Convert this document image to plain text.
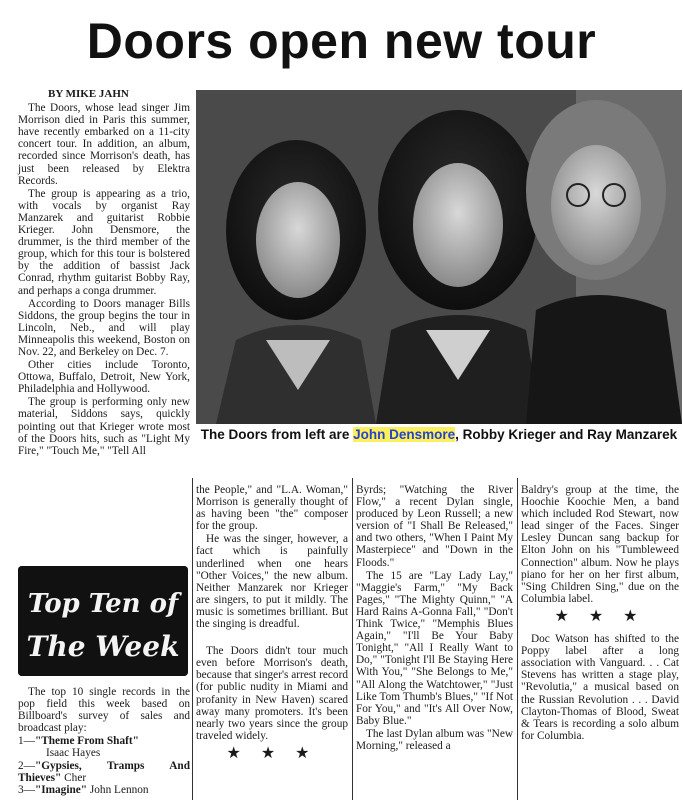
Doors open new tour
BY MIKE JAHN

The Doors, whose lead singer Jim Morrison died in Paris this summer, have recently embarked on a 11-city concert tour. In addition, an album, recorded since Morrison's death, has just been released by Elektra Records.

The group is appearing as a trio, with vocals by organist Ray Manzarek and guitarist Robbie Krieger. John Densmore, the drummer, is the third member of the group, which for this tour is bolstered by the addition of bassist Jack Conrad, rhythm guitarist Bobby Ray, and perhaps a conga drummer.

According to Doors manager Bills Siddons, the group begins the tour in Lincoln, Neb., and will play Minneapolis this weekend, Boston on Nov. 22, and Berkeley on Dec. 7.

Other cities include Toronto, Ottowa, Buffalo, Detroit, New York, Philadelphia and Hollywood.

The group is performing only new material, Siddons says, quickly pointing out that Krieger wrote most of the Doors hits, such as "Light My Fire," "Touch Me," "Tell All

The Doors from left are John Densmore, Robby Krieger and Ray Manzarek

the People," and "L.A. Woman," Morrison is generally thought of as having been "the" composer for the group.

He was the singer, however, a fact which is painfully underlined when one hears "Other Voices," the new album. Neither Manzarek nor Krieger are singers, to put it mildly. The music is sometimes brilliant. But the singing is dreadful.

The Doors didn't tour much even before Morrison's death, because that singer's arrest record (for public nudity in Miami and profanity in New Haven) scared away many promoters. It's been nearly two years since the group traveled widely.

★ ★ ★

Byrds; "Watching the River Flow," a recent Dylan single, produced by Leon Russell; a new version of "I Shall Be Released," and two others, "When I Paint My Masterpiece" and "Down in the Floods."

The 15 are "Lay Lady Lay," "Maggie's Farm," "My Back Pages," "The Mighty Quinn," "A Hard Rains A-Gonna Fall," "Don't Think Twice," "Memphis Blues Again," "I'll Be Your Baby Tonight," "All I Really Want to Do," "Tonight I'll Be Staying Here With You," "She Belongs to Me," "All Along the Watchtower," "Just Like Tom Thumb's Blues," "If Not For You," and "It's All Over Now, Baby Blue."

The last Dylan album was "New Morning," released a

Baldry's group at the time, the Hoochie Koochie Men, a band which included Rod Stewart, now lead singer of the Faces. Singer Lesley Duncan sang backup for Elton John on his "Tumbleweed Connection" album. Now he plays piano for her on her first album, "Sing Children Sing," due on the Columbia label.

★ ★ ★

Doc Watson has shifted to the Poppy label after a long association with Vanguard. . . Cat Stevens has written a stage play, "Revolutia," a musical based on the Russian Revolution . . . David Clayton-Thomas of Blood, Sweat & Tears is recording a solo album for Columbia.

Top Ten of
The Week

The top 10 single records in the pop field this week based on Billboard's survey of sales and broadcast play:

1—"Theme From Shaft"
Isaac Hayes
2—"Gypsies, Tramps And Thieves" Cher
3—"Imagine" John Lennon
